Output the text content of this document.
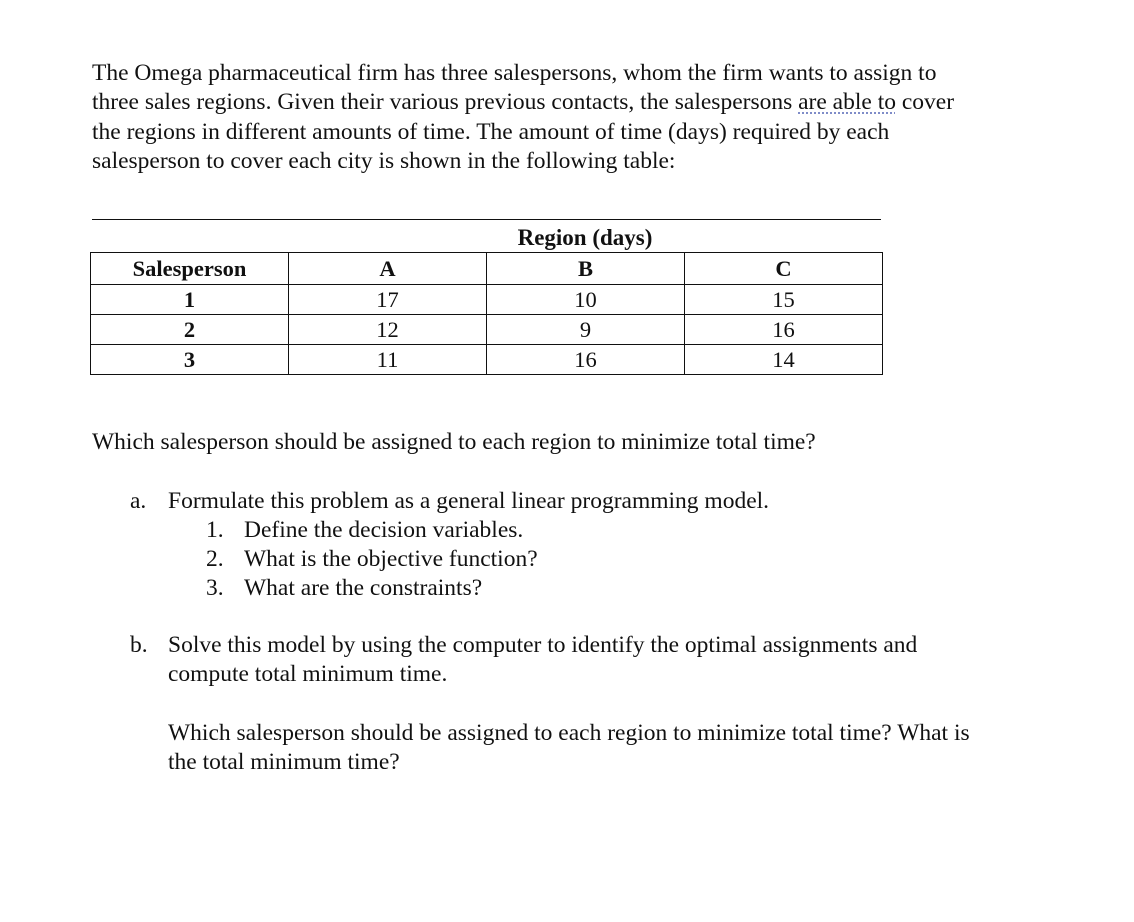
The Omega pharmaceutical firm has three salespersons, whom the firm wants to assign to
three sales regions. Given their various previous contacts, the salespersons are able to cover
the regions in different amounts of time. The amount of time (days) required by each
salesperson to cover each city is shown in the following table:
Region (days)
Salesperson	A	B	C
1	17	10	15
2	12	9	16
3	11	16	14
Which salesperson should be assigned to each region to minimize total time?
a. Formulate this problem as a general linear programming model.
1. Define the decision variables.
2. What is the objective function?
3. What are the constraints?
b. Solve this model by using the computer to identify the optimal assignments and
compute total minimum time.
Which salesperson should be assigned to each region to minimize total time? What is
the total minimum time?
